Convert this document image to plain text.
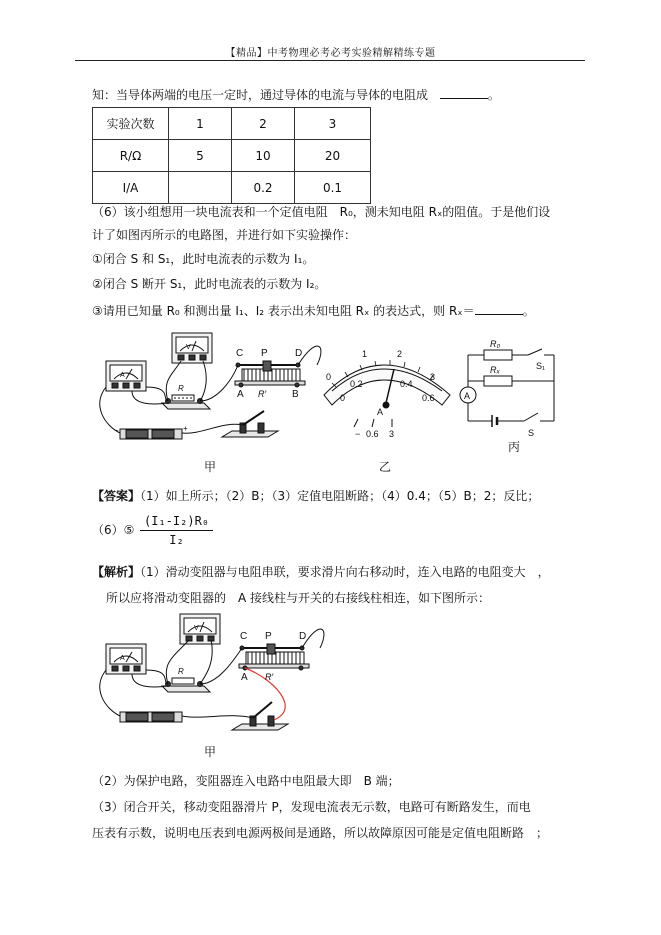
【精品】中考物理必考必考实验精解精练专题
知：当导体两端的电压一定时，通过导体的电流与导体的电阻成	。
实验次数	1	2	3
R/Ω	5	10	20
I/A		0.2	0.1
（6）该小组想用一块电流表和一个定值电阻　R₀，测未知电阻 Rₓ的阻值。于是他们设
计了如图丙所示的电路图，并进行如下实验操作：
①闭合 S 和 S₁，此时电流表的示数为 I₁。
②闭合 S 断开 S₁，此时电流表的示数为 I₂。
③请用已知量 R₀ 和测出量 I₁、I₂ 表示出未知电阻 Rₓ 的表达式，则 Rₓ＝	。
A
V
R
C P	D
A	B
R′
−	+
甲
0
1	2
3
0
0.2	0.4
0.6
A
− 0.6 3
乙
R₀
S₁
Rₓ
A
S
丙
【答案】（1）如上所示；（2）B；（3）定值电阻断路；（4）0.4；（5）B；2；反比；
（6）⑤ $\frac{\text{(I₁-I₂)R₀}}{\text{I₂}}$
【解析】（1）滑动变阻器与电阻串联，要求滑片向右移动时，连入电路的电阻变大　，
所以应将滑动变阻器的　A 接线柱与开关的右接线柱相连，如下图所示：
C P	D
A R′
R
A
V
甲
（2）为保护电路，变阻器连入电路中电阻最大即　B 端；
（3）闭合开关，移动变阻器滑片 P，发现电流表无示数，电路可有断路发生，而电
压表有示数，说明电压表到电源两极间是通路，所以故障原因可能是定值电阻断路　；
